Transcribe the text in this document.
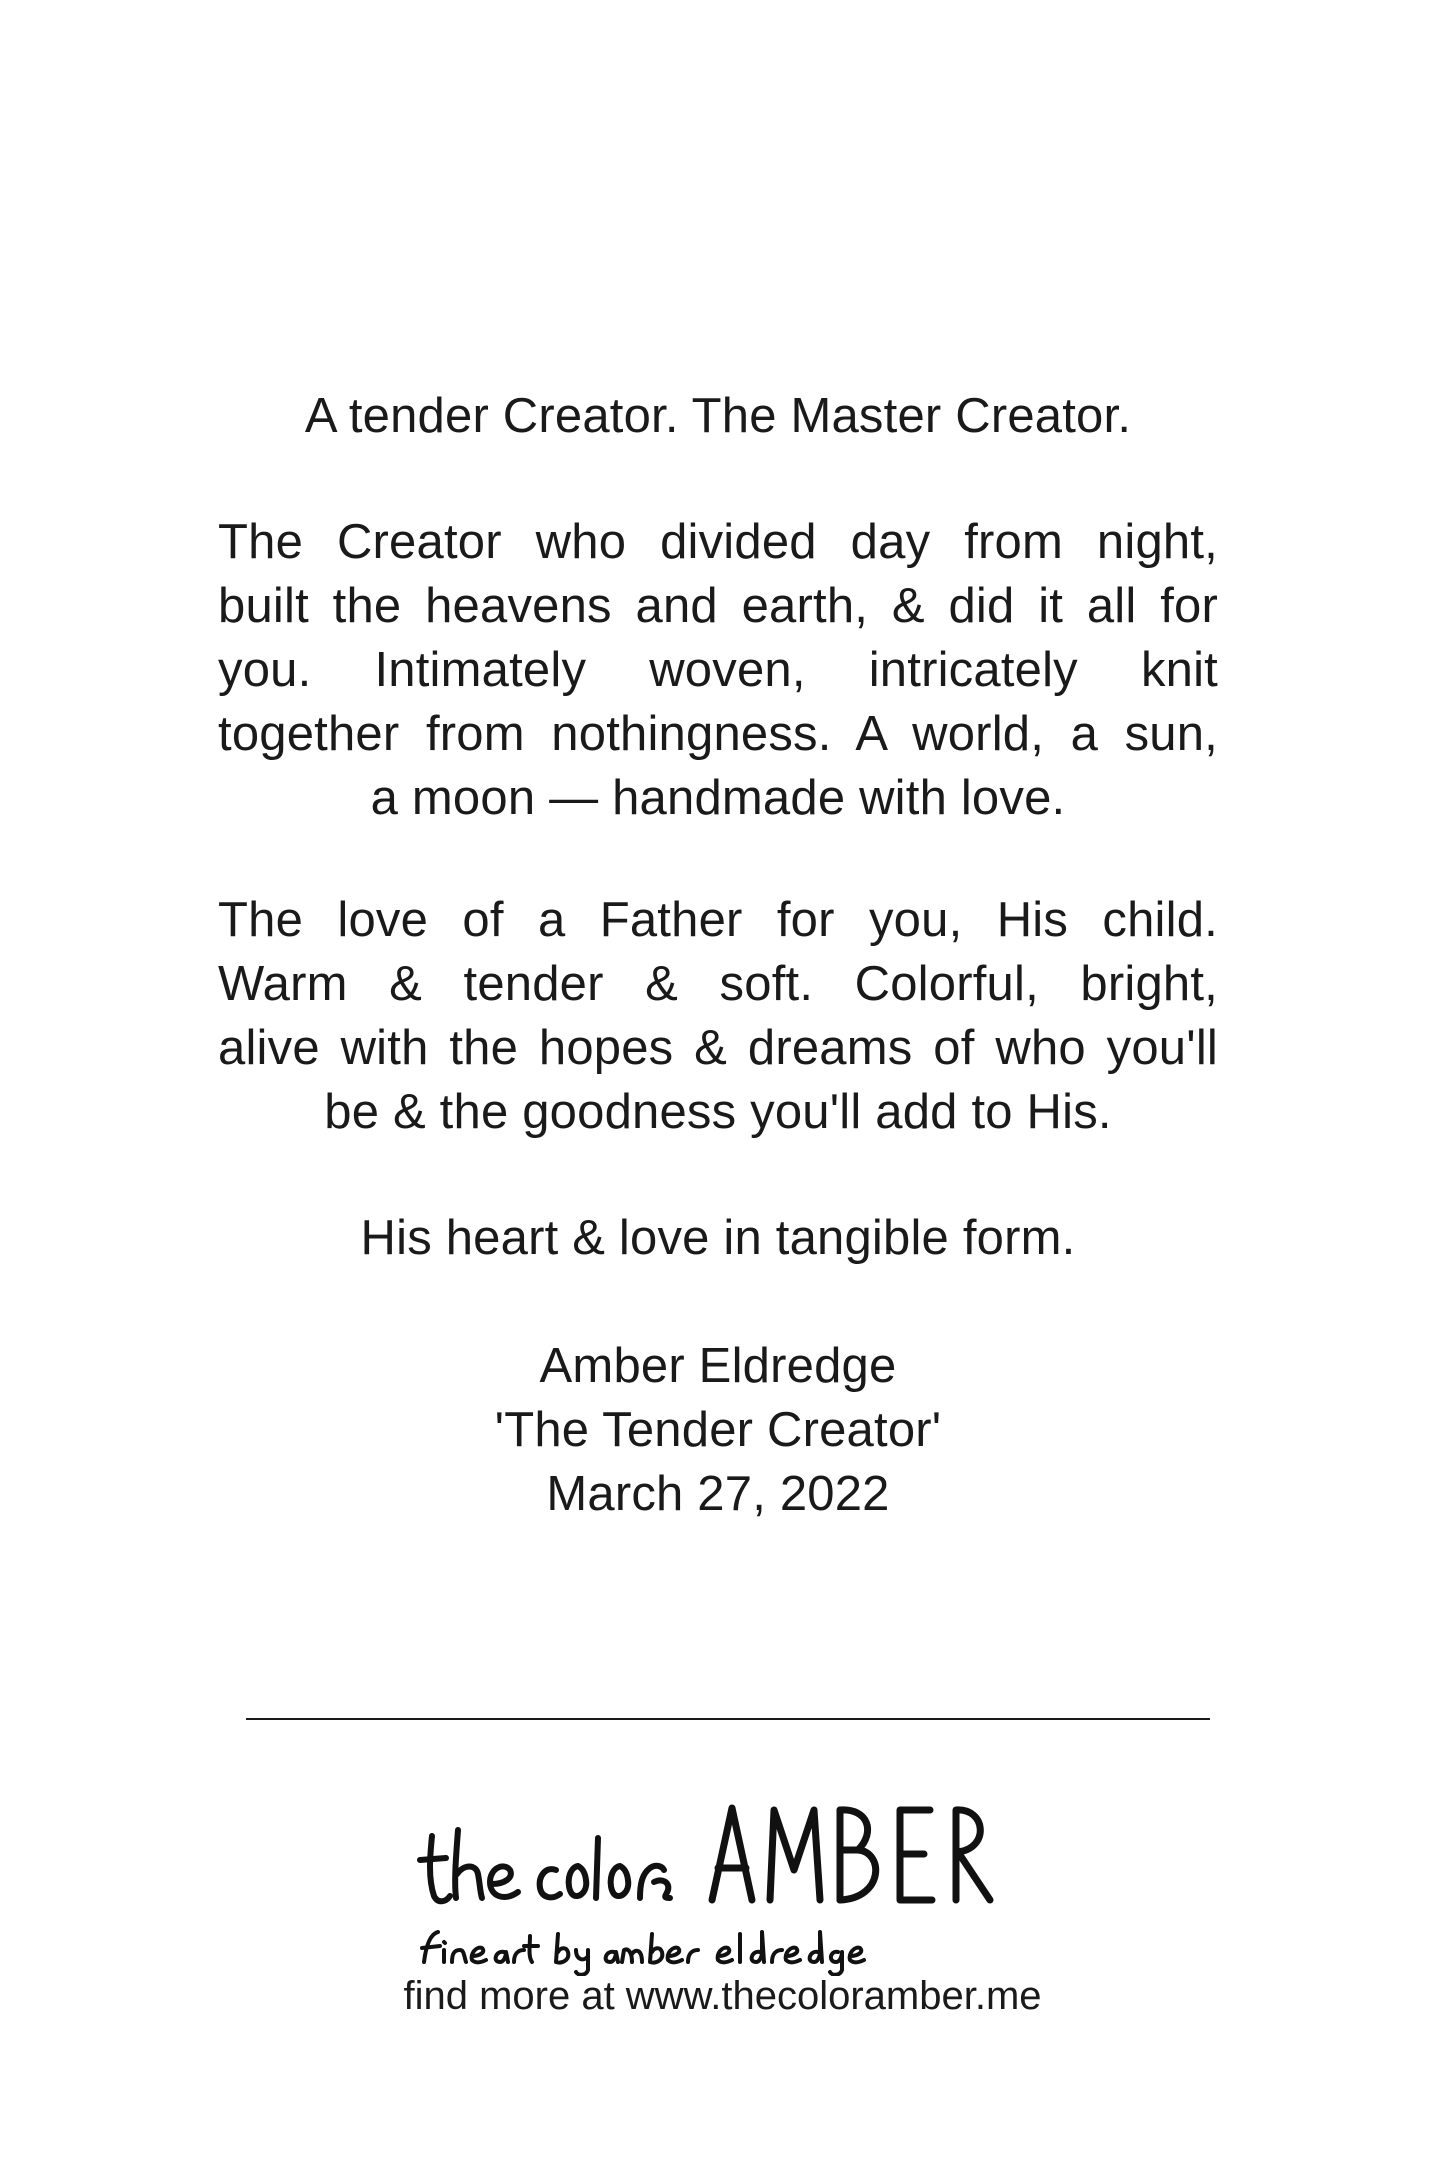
A tender Creator. The Master Creator.
The Creator who divided day from night,
built the heavens and earth, & did it all for
you. Intimately woven, intricately knit
together from nothingness. A world, a sun,
a moon — handmade with love.
The love of a Father for you, His child.
Warm & tender & soft. Colorful, bright,
alive with the hopes & dreams of who you'll
be & the goodness you'll add to His.
His heart & love in tangible form.
Amber Eldredge
'The Tender Creator'
March 27, 2022
find more at www.thecoloramber.me
